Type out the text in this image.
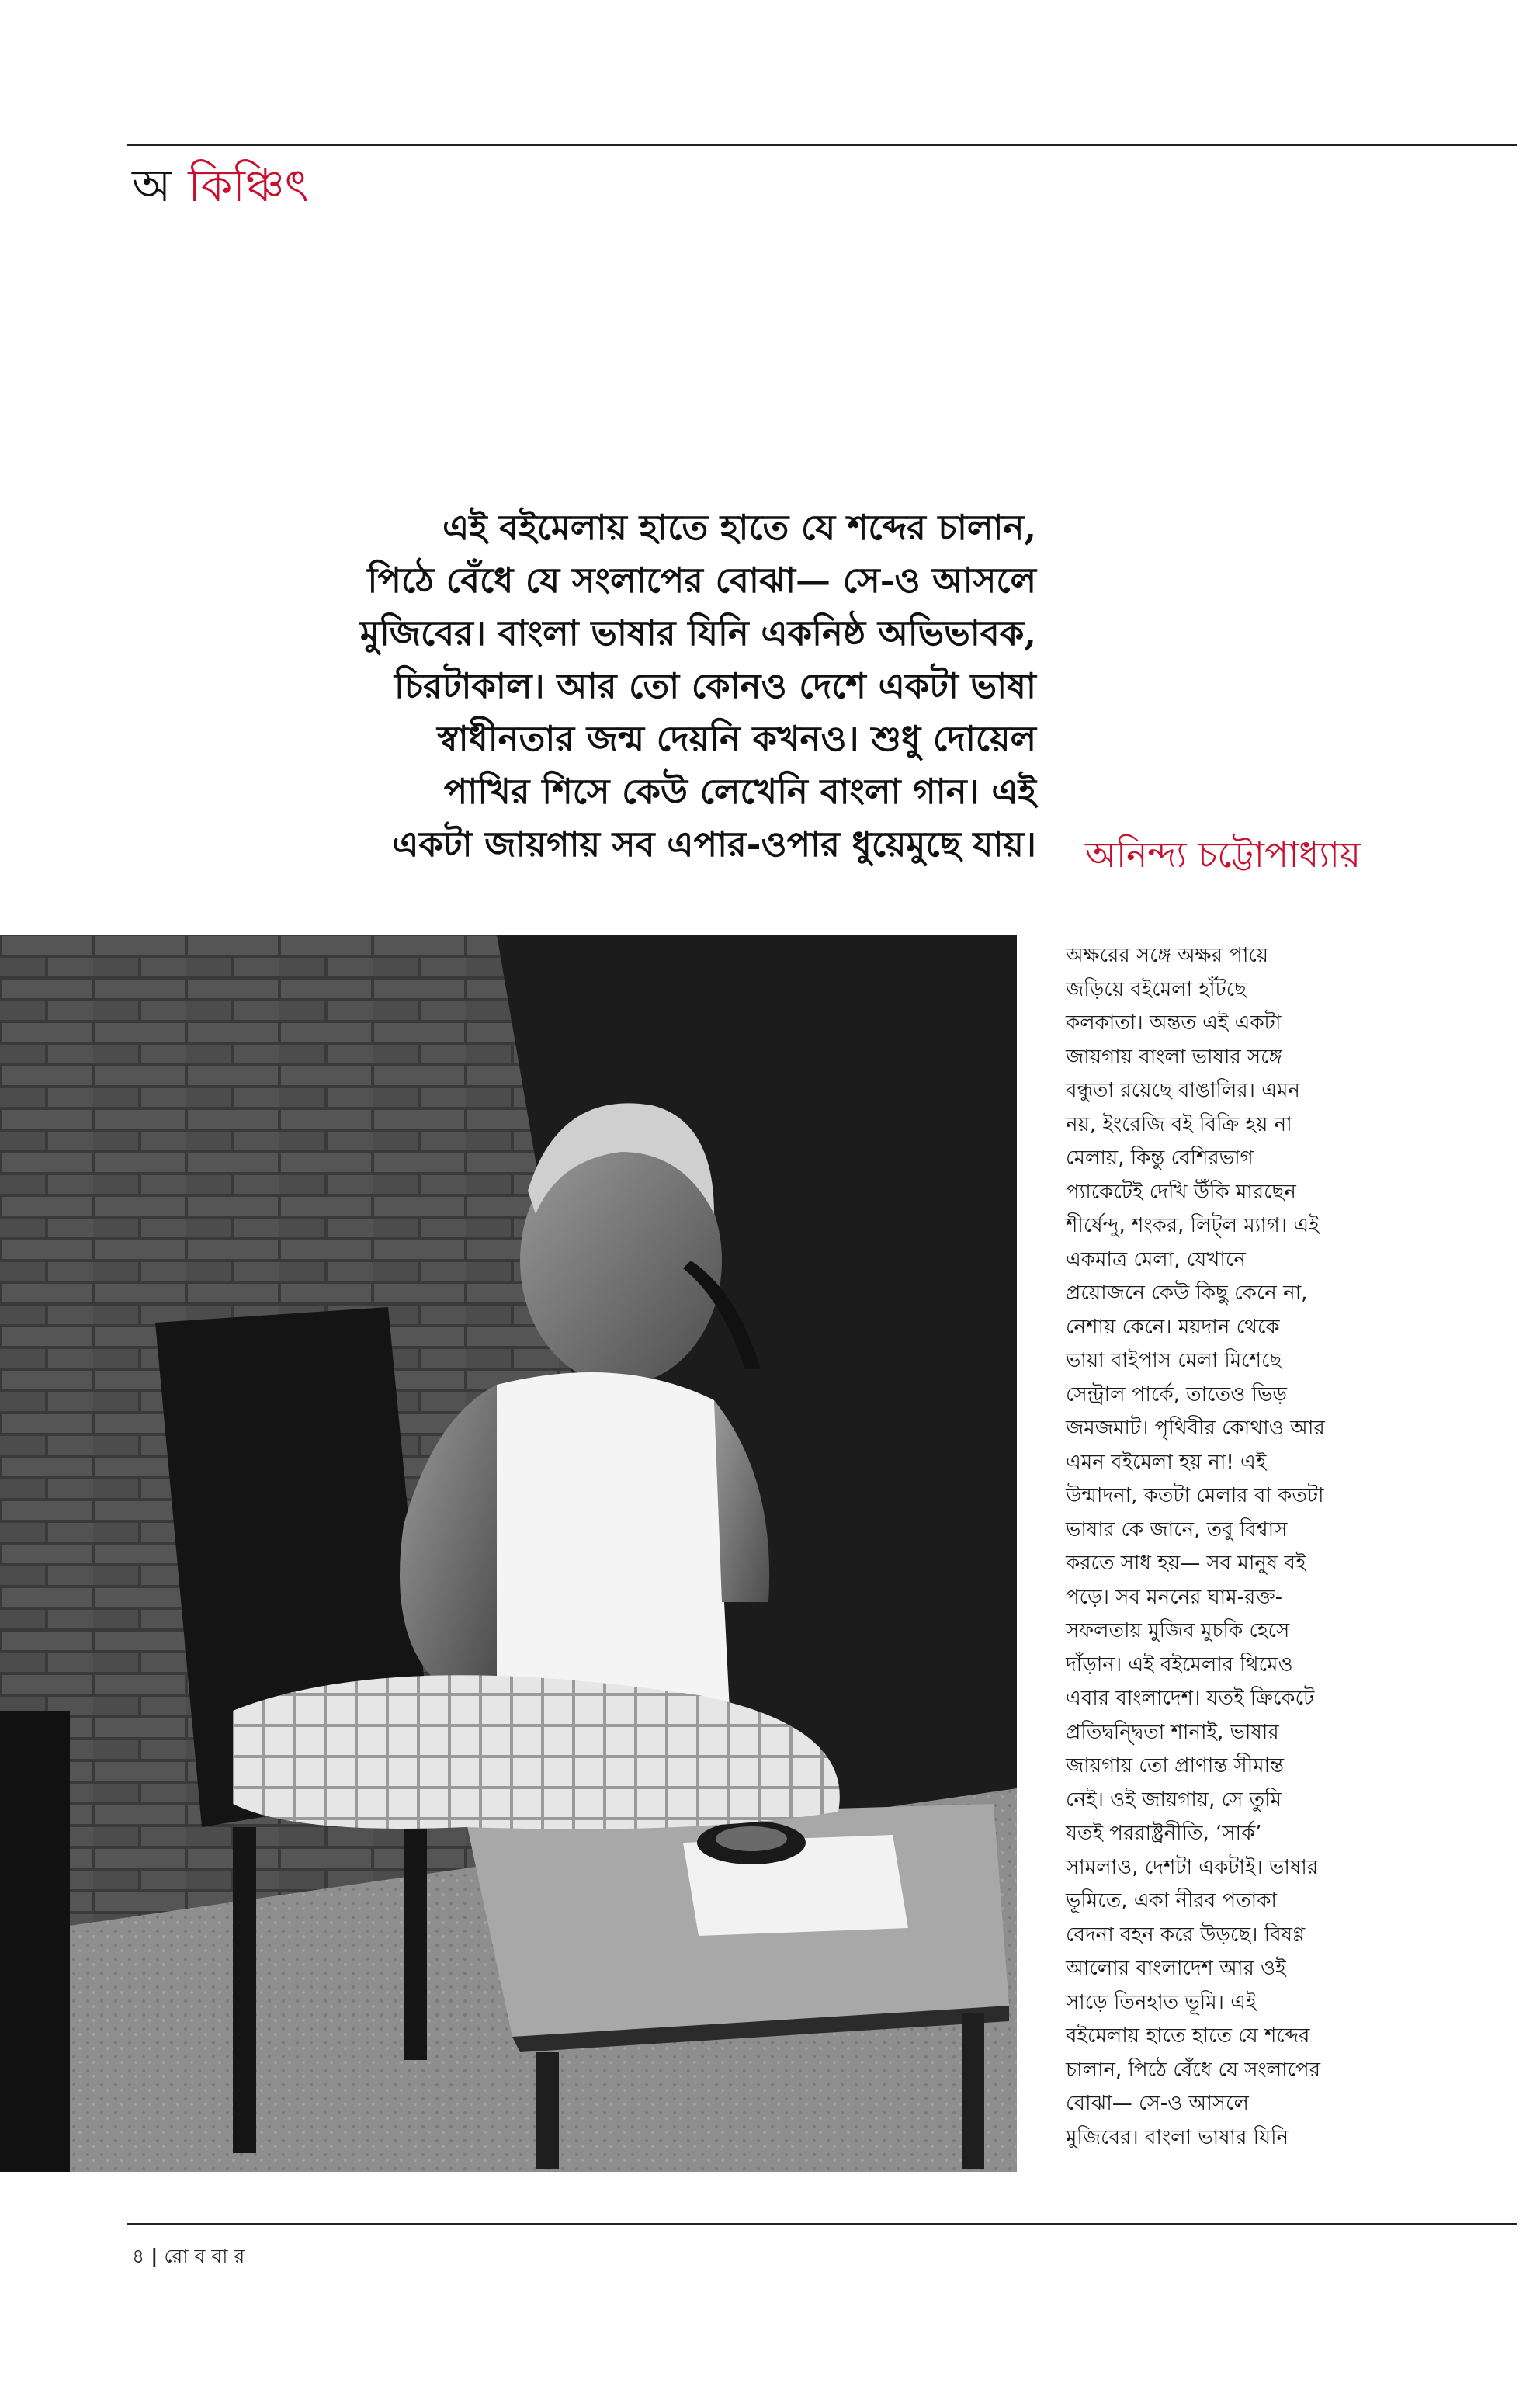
অ কিঞ্চিৎ
এই বইমেলায় হাতে হাতে যে শব্দের চালান,
পিঠে বেঁধে যে সংলাপের বোঝা— সে-ও আসলে
মুজিবের। বাংলা ভাষার যিনি একনিষ্ঠ অভিভাবক,
চিরটাকাল। আর তো কোনও দেশে একটা ভাষা
স্বাধীনতার জন্ম দেয়নি কখনও। শুধু দোয়েল
পাখির শিসে কেউ লেখেনি বাংলা গান। এই
একটা জায়গায় সব এপার-ওপার ধুয়েমুছে যায়। অনিন্দ্য চট্টোপাধ্যায়
অক্ষরের সঙ্গে অক্ষর পায়ে
জড়িয়ে বইমেলা হাঁটছে
কলকাতা। অন্তত এই একটা
জায়গায় বাংলা ভাষার সঙ্গে
বন্ধুতা রয়েছে বাঙালির। এমন
নয়, ইংরেজি বই বিক্রি হয় না
মেলায়, কিন্তু বেশিরভাগ
প্যাকেটেই দেখি উঁকি মারছেন
শীর্ষেন্দু, শংকর, লিট্‌ল ম্যাগ। এই
একমাত্র মেলা, যেখানে
প্রয়োজনে কেউ কিছু কেনে না,
নেশায় কেনে। ময়দান থেকে
ভায়া বাইপাস মেলা মিশেছে
সেন্ট্রাল পার্কে, তাতেও ভিড়
জমজমাট। পৃথিবীর কোথাও আর
এমন বইমেলা হয় না! এই
উন্মাদনা, কতটা মেলার বা কতটা
ভাষার কে জানে, তবু বিশ্বাস
করতে সাধ হয়— সব মানুষ বই
পড়ে। সব মননের ঘাম-রক্ত-
সফলতায় মুজিব মুচকি হেসে
দাঁড়ান। এই বইমেলার থিমেও
এবার বাংলাদেশ। যতই ক্রিকেটে
প্রতিদ্বন্দ্বিতা শানাই, ভাষার
জায়গায় তো প্রাণান্ত সীমান্ত
নেই। ওই জায়গায়, সে তুমি
যতই পররাষ্ট্রনীতি, ‘সার্ক’
সামলাও, দেশটা একটাই। ভাষার
ভূমিতে, একা নীরব পতাকা
বেদনা বহন করে উড়ছে। বিষণ্ণ
আলোর বাংলাদেশ আর ওই
সাড়ে তিনহাত ভূমি। এই
বইমেলায় হাতে হাতে যে শব্দের
চালান, পিঠে বেঁধে যে সংলাপের
বোঝা— সে-ও আসলে
মুজিবের। বাংলা ভাষার যিনি
৪ | রো ব বা র
